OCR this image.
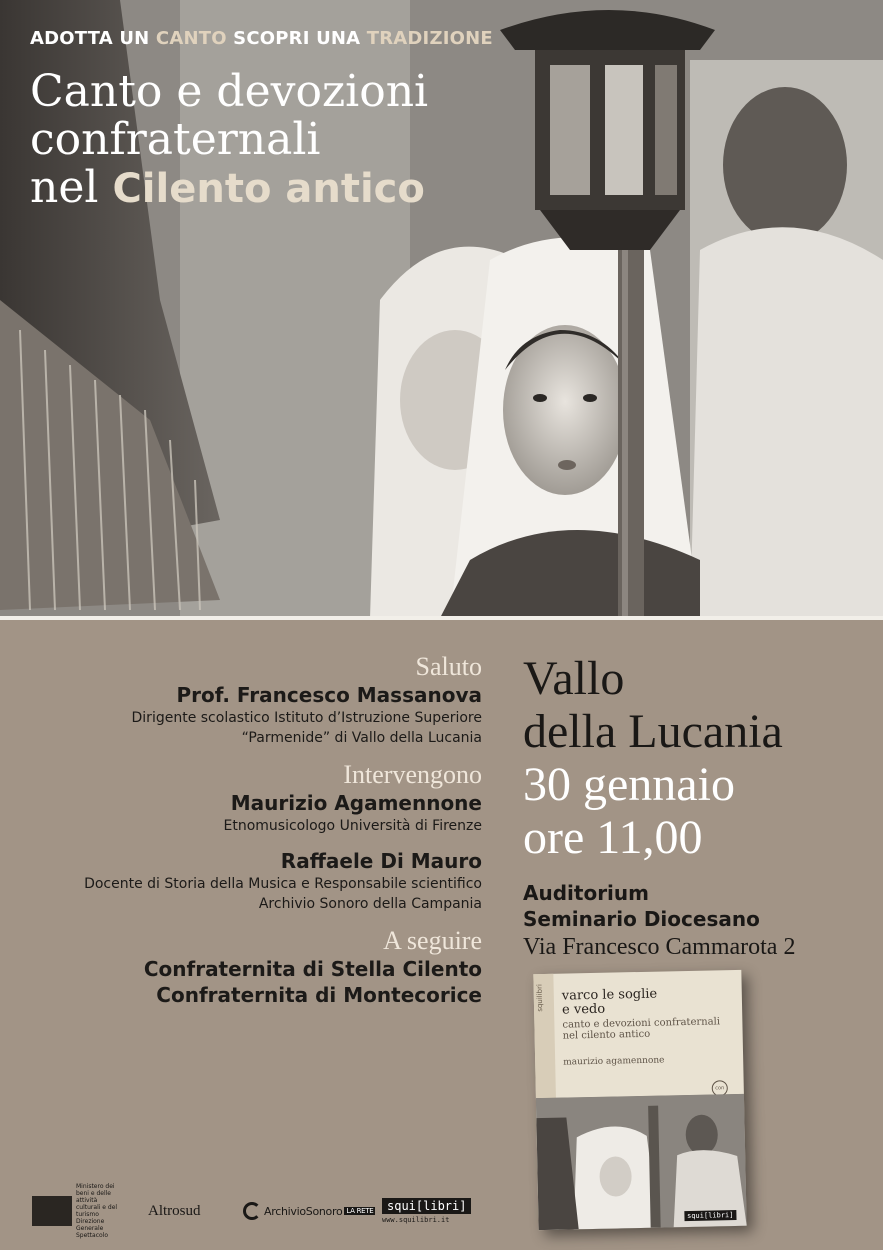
ADOTTA UN CANTO SCOPRI UNA TRADIZIONE
Canto e devozioni
confraternali
nel Cilento antico
Saluto
Prof. Francesco Massanova
Dirigente scolastico Istituto d’Istruzione Superiore
“Parmenide” di Vallo della Lucania
Intervengono
Maurizio Agamennone
Etnomusicologo Università di Firenze
Raffaele Di Mauro
Docente di Storia della Musica e Responsabile scientifico
Archivio Sonoro della Campania
A seguire
Confraternita di Stella Cilento
Confraternita di Montecorice
Vallo
della Lucania
30 gennaio
ore 11,00
Auditorium
Seminario Diocesano
Via Francesco Cammarota 2
squilibri varco le soglie
e vedo
canto e devozioni confraternali nel cilento antico
maurizio agamennone
con
squi[libri]
Ministero dei beni e delle attività culturali e del turismo Direzione Generale Spettacolo
Altrosud	ArchivioSonoro LA RETE	squi[libri]
www.squilibri.it
